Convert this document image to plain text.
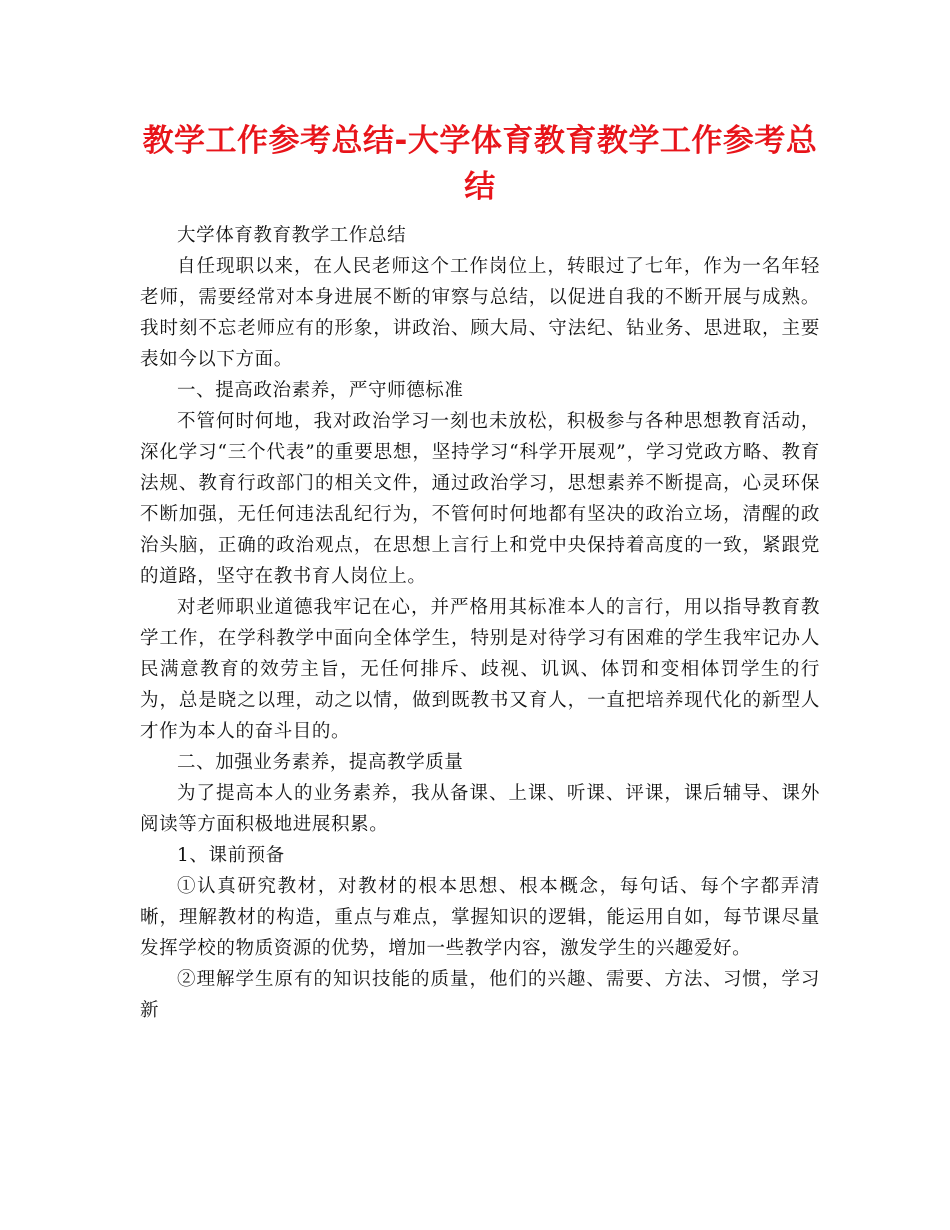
教学工作参考总结-大学体育教育教学工作参考总结

大学体育教育教学工作总结

自任现职以来，在人民老师这个工作岗位上，转眼过了七年，作为一名年轻老师，需要经常对本身进展不断的审察与总结，以促进自我的不断开展与成熟。我时刻不忘老师应有的形象，讲政治、顾大局、守法纪、钻业务、思进取，主要表如今以下方面。

一、提高政治素养，严守师德标准

不管何时何地，我对政治学习一刻也未放松，积极参与各种思想教育活动，深化学习“三个代表”的重要思想，坚持学习“科学开展观”，学习党政方略、教育法规、教育行政部门的相关文件，通过政治学习，思想素养不断提高，心灵环保不断加强，无任何违法乱纪行为，不管何时何地都有坚决的政治立场，清醒的政治头脑，正确的政治观点，在思想上言行上和党中央保持着高度的一致，紧跟党的道路，坚守在教书育人岗位上。

对老师职业道德我牢记在心，并严格用其标准本人的言行，用以指导教育教学工作，在学科教学中面向全体学生，特别是对待学习有困难的学生我牢记办人民满意教育的效劳主旨，无任何排斥、歧视、讥讽、体罚和变相体罚学生的行为，总是晓之以理，动之以情，做到既教书又育人，一直把培养现代化的新型人才作为本人的奋斗目的。

二、加强业务素养，提高教学质量

为了提高本人的业务素养，我从备课、上课、听课、评课，课后辅导、课外阅读等方面积极地进展积累。

1、课前预备

①认真研究教材，对教材的根本思想、根本概念，每句话、每个字都弄清晰，理解教材的构造，重点与难点，掌握知识的逻辑，能运用自如，每节课尽量发挥学校的物质资源的优势，增加一些教学内容，激发学生的兴趣爱好。

②理解学生原有的知识技能的质量，他们的兴趣、需要、方法、习惯，学习新
